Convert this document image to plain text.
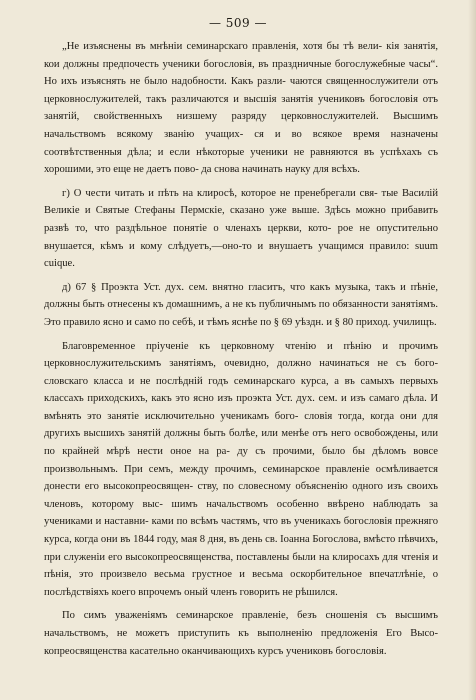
— 509 —

„Не изъяснены въ мнѣніи семинарскаго правленія, хотя бы тѣ вели- кія занятія, кои должны предпочесть ученики богословія, въ праздничные богослужебные часы“. Но ихъ изъяснять не было надобности. Какъ разли- чаются священнослужители отъ церковнослужителей, такъ различаются и высшія занятія учениковъ богословія отъ занятій, свойственныхъ низшему разряду церковнослужителей. Высшимъ начальствомъ всякому званію учащих- ся и во всякое время назначены соотвѣтственныя дѣла; и если нѣкоторые ученики не равняются въ успѣхахъ съ хорошими, это еще не даетъ пово- да снова начинать науку для всѣхъ.

г) О чести читать и пѣть на клиросѣ, которое не пренебрегали свя- тые Василій Великіе и Святые Стефаны Пермскіе, сказано уже выше. Здѣсь можно прибавить развѣ то, что раздѣльное понятіе о членахъ церкви, кото- рое не опустительно внушается, кѣмъ и кому слѣдуетъ,—оно-то и внушаетъ учащимся правило: suum cuique.

д) 67 § Проэкта Уст. дух. сем. внятно гласитъ, что какъ музыка, такъ и пѣніе, должны быть отнесены къ домашнимъ, а не къ публичнымъ по обязанности занятіямъ. Это правило ясно и само по себѣ, и тѣмъ яснѣе по § 69 уѣздн. и § 80 приход. училищъ.

Благовременное пріученіе къ церковному чтенію и пѣнію и прочимъ церковнослужительскимъ занятіямъ, очевидно, должно начинаться не съ бого- словскаго класса и не послѣдній годъ семинарскаго курса, а въ самыхъ первыхъ классахъ приходскихъ, какъ это ясно изъ проэкта Уст. дух. сем. и изъ самаго дѣла. И вмѣнять это занятіе исключительно ученикамъ бого- словія тогда, когда они для другихъ высшихъ занятій должны быть болѣе, или менѣе отъ него освобождены, или по крайней мѣрѣ нести оное на ра- ду съ прочими, было бы дѣломъ вовсе произвольнымъ. При семъ, между прочимъ, семинарское правленіе осмѣливается донести его высокопреосвящен- ству, по словесному объясненію одного изъ своихъ членовъ, которому выс- шимъ начальствомъ особенно ввѣрено наблюдать за учениками и наставни- ками по всѣмъ частямъ, что въ ученикахъ богословія прежняго курса, когда они въ 1844 году, мая 8 дня, въ день св. Іоанна Богослова, вмѣсто пѣвчихъ, при служеніи его высокопреосвященства, поставлены были на клиросахъ для чтенія и пѣнія, это произвело весьма грустное и весьма оскорбительное впечатлѣніе, о послѣдствіяхъ коего впрочемъ оный членъ говорить не рѣшился.

По симъ уваженіямъ семинарское правленіе, безъ сношенія съ высшимъ начальствомъ, не можетъ приступить къ выполненію предложенія Его Высо- копреосвященства касательно оканчивающихъ курсъ учениковъ богословія.
